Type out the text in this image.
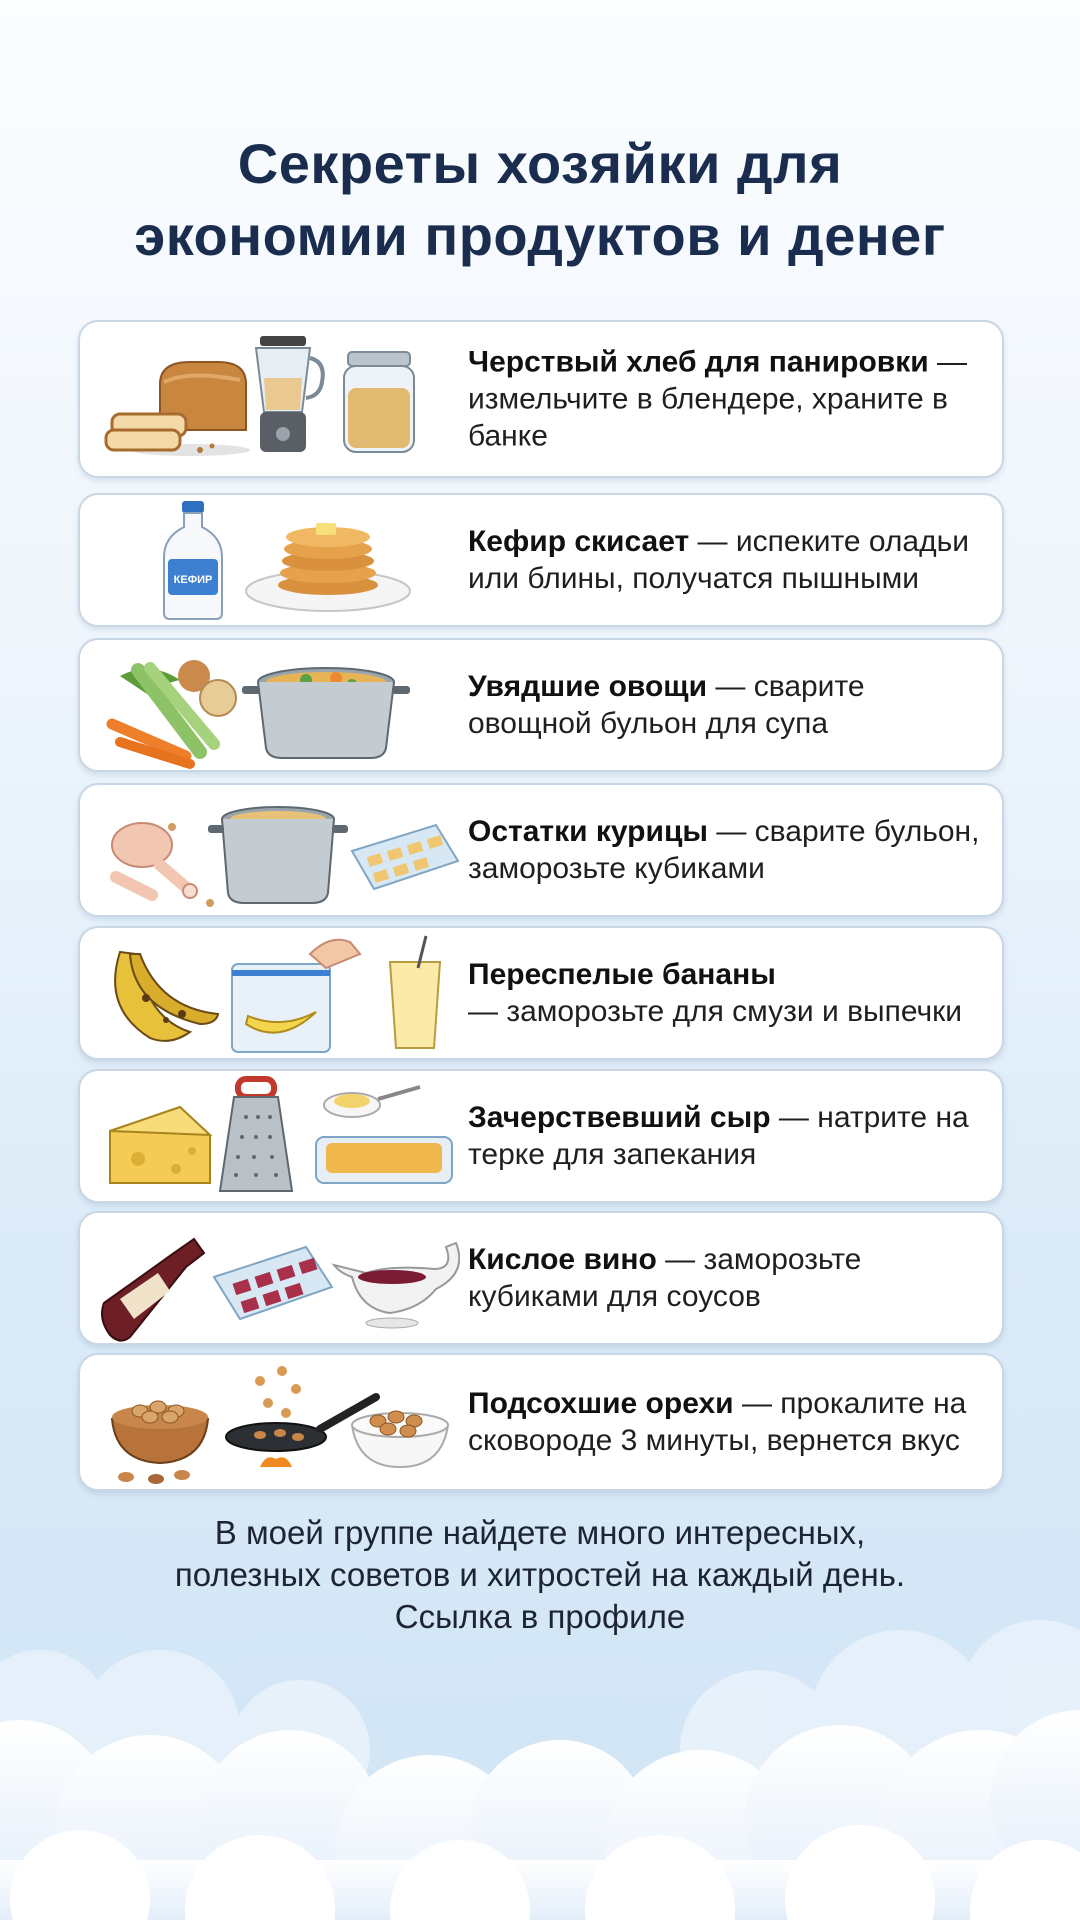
Секреты хозяйки для
экономии продуктов и денег
Черствый хлеб для панировки — измельчите в блендере, храните в банке
КЕФИР
Кефир скисает — испеките оладьи или блины, получатся пышными
Увядшие овощи — сварите овощной бульон для супа
Остатки курицы — сварите бульон, заморозьте кубиками
Переспелые бананы
— заморозьте для смузи и выпечки
Зачерствевший сыр — натрите на терке для запекания
Кислое вино — заморозьте кубиками для соусов
Подсохшие орехи — прокалите на сковороде 3 минуты, вернется вкус
В моей группе найдете много интересных,
полезных советов и хитростей на каждый день.
Ссылка в профиле
